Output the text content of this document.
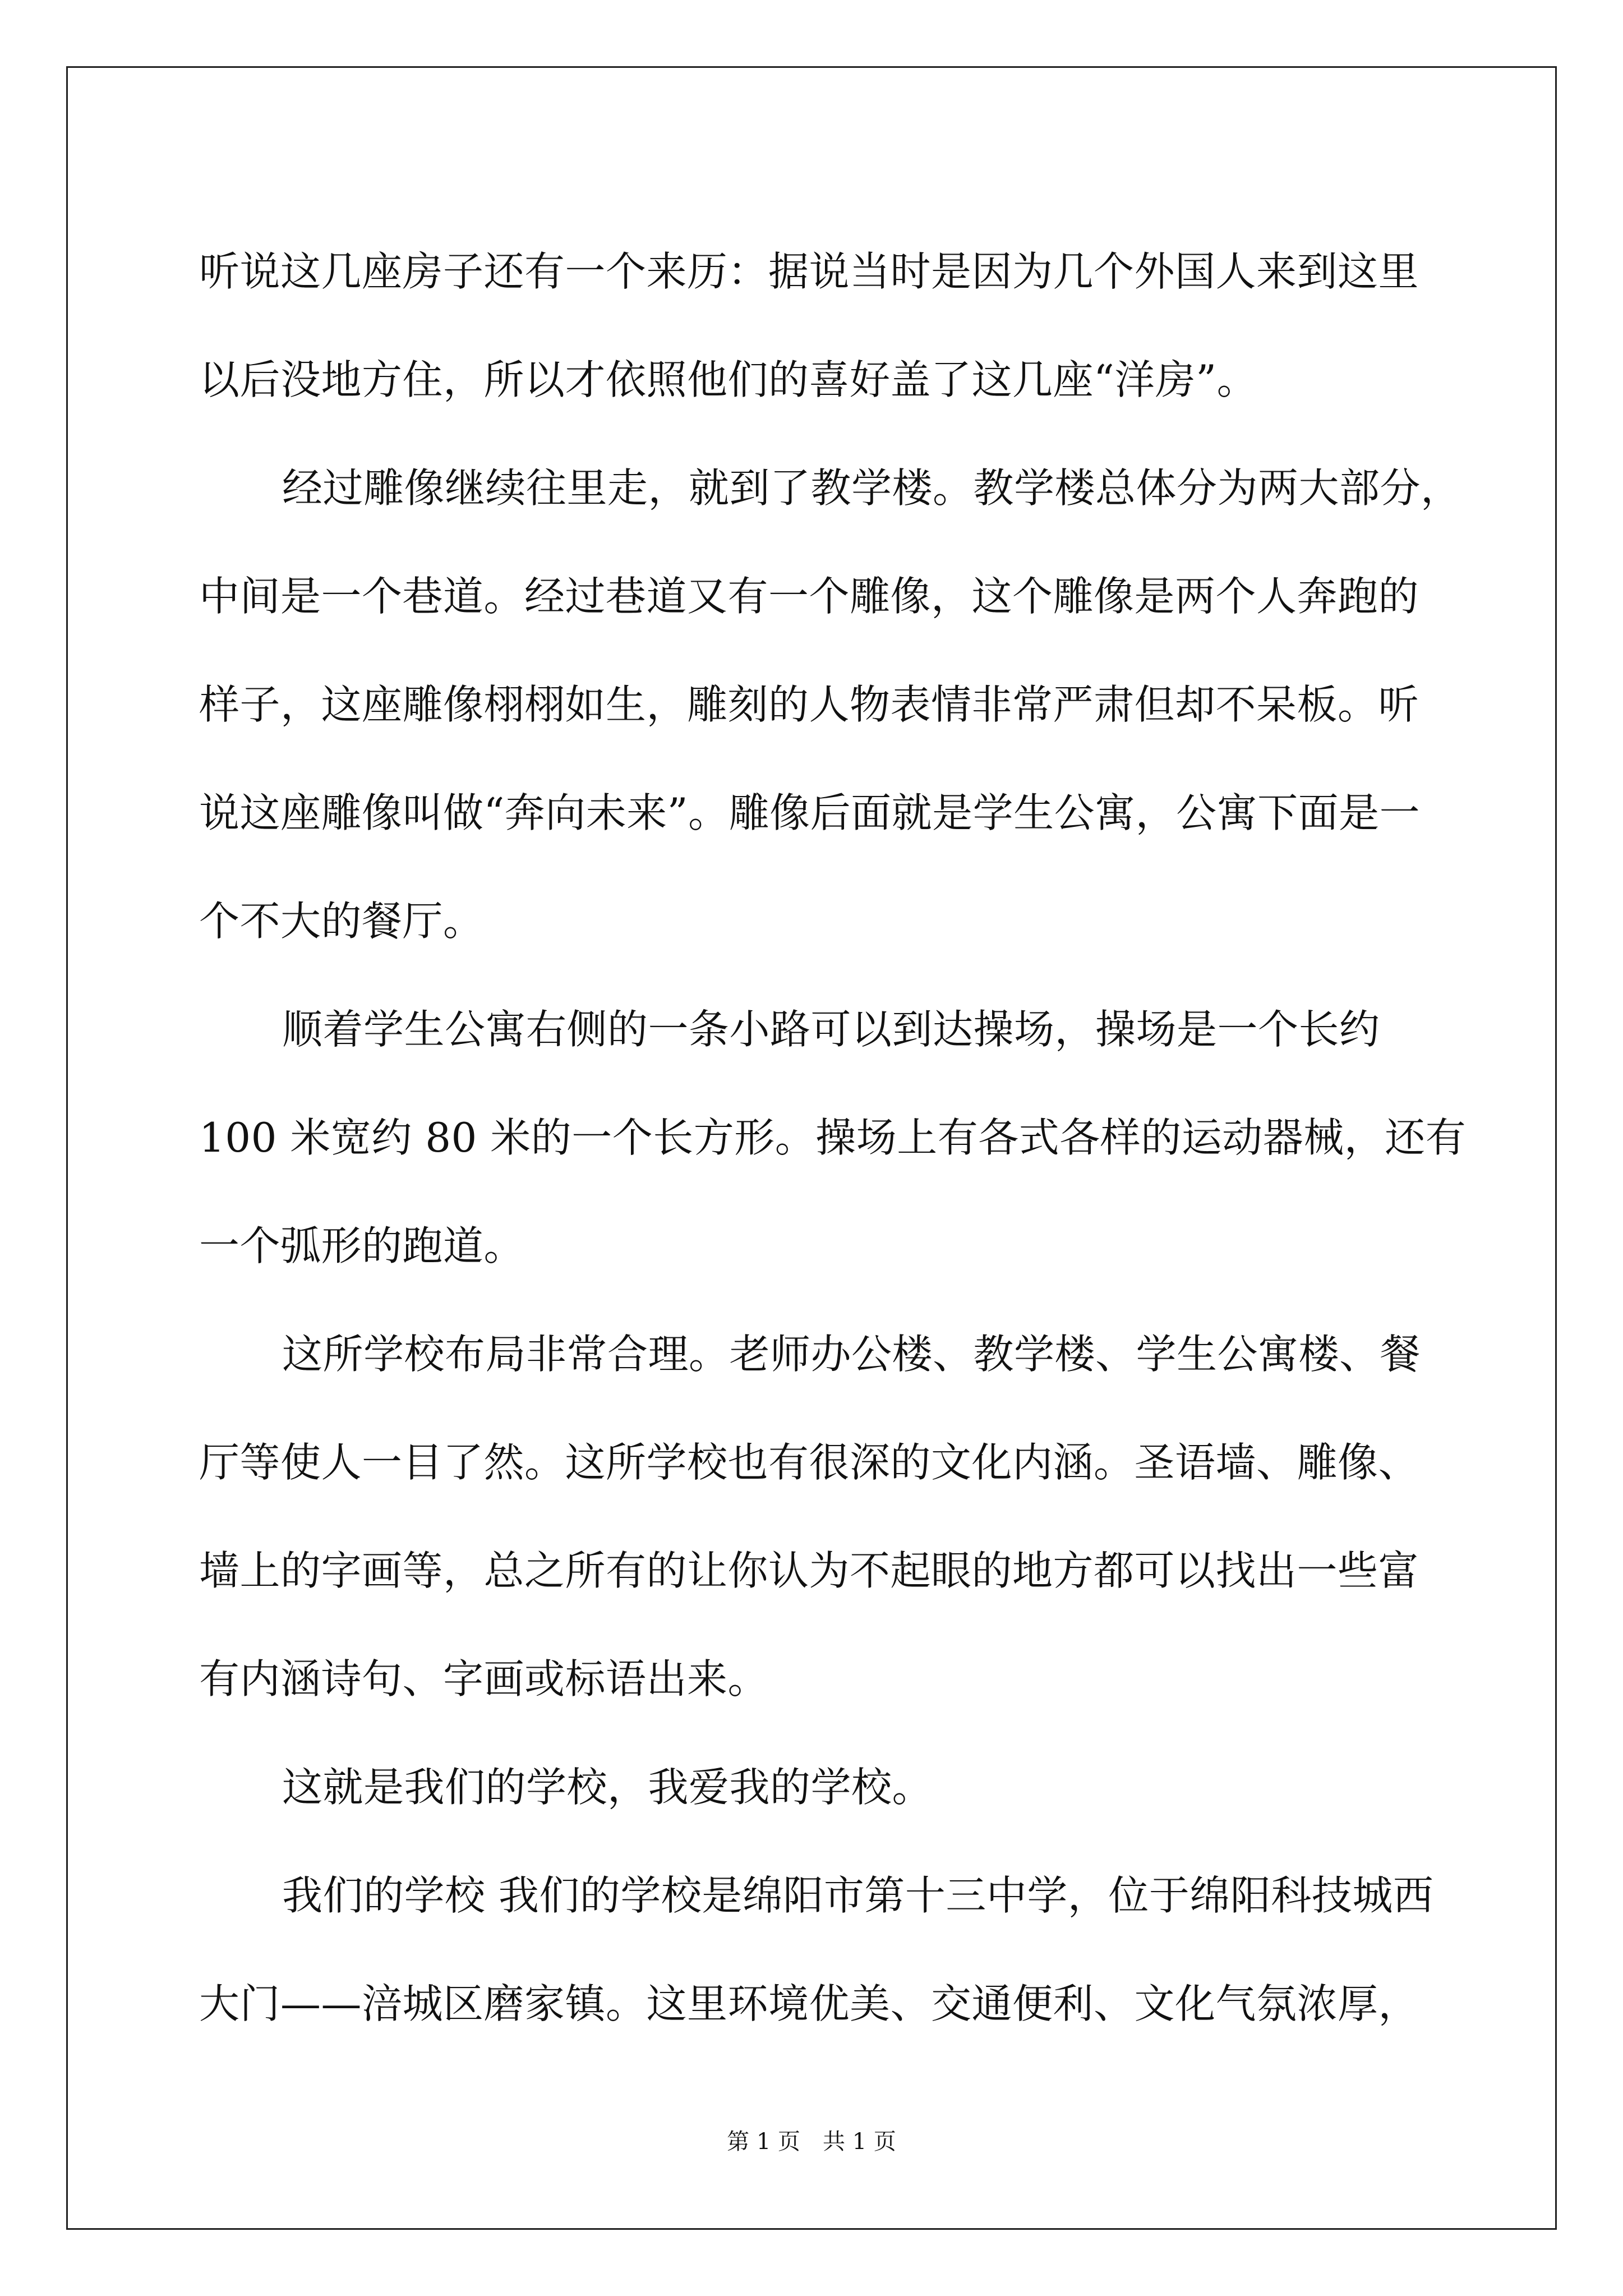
听说这几座房子还有一个来历：据说当时是因为几个外国人来到这里
以后没地方住，所以才依照他们的喜好盖了这几座“洋房”。
经过雕像继续往里走，就到了教学楼。教学楼总体分为两大部分，
中间是一个巷道。经过巷道又有一个雕像，这个雕像是两个人奔跑的
样子，这座雕像栩栩如生，雕刻的人物表情非常严肃但却不呆板。听
说这座雕像叫做“奔向未来”。雕像后面就是学生公寓，公寓下面是一
个不大的餐厅。
顺着学生公寓右侧的一条小路可以到达操场，操场是一个长约
100 米宽约 80 米的一个长方形。操场上有各式各样的运动器械，还有
一个弧形的跑道。
这所学校布局非常合理。老师办公楼、教学楼、学生公寓楼、餐
厅等使人一目了然。这所学校也有很深的文化内涵。圣语墙、雕像、
墙上的字画等，总之所有的让你认为不起眼的地方都可以找出一些富
有内涵诗句、字画或标语出来。
这就是我们的学校，我爱我的学校。
我们的学校 我们的学校是绵阳市第十三中学，位于绵阳科技城西
大门——涪城区磨家镇。这里环境优美、交通便利、文化气氛浓厚，
第 1 页 共 1 页
